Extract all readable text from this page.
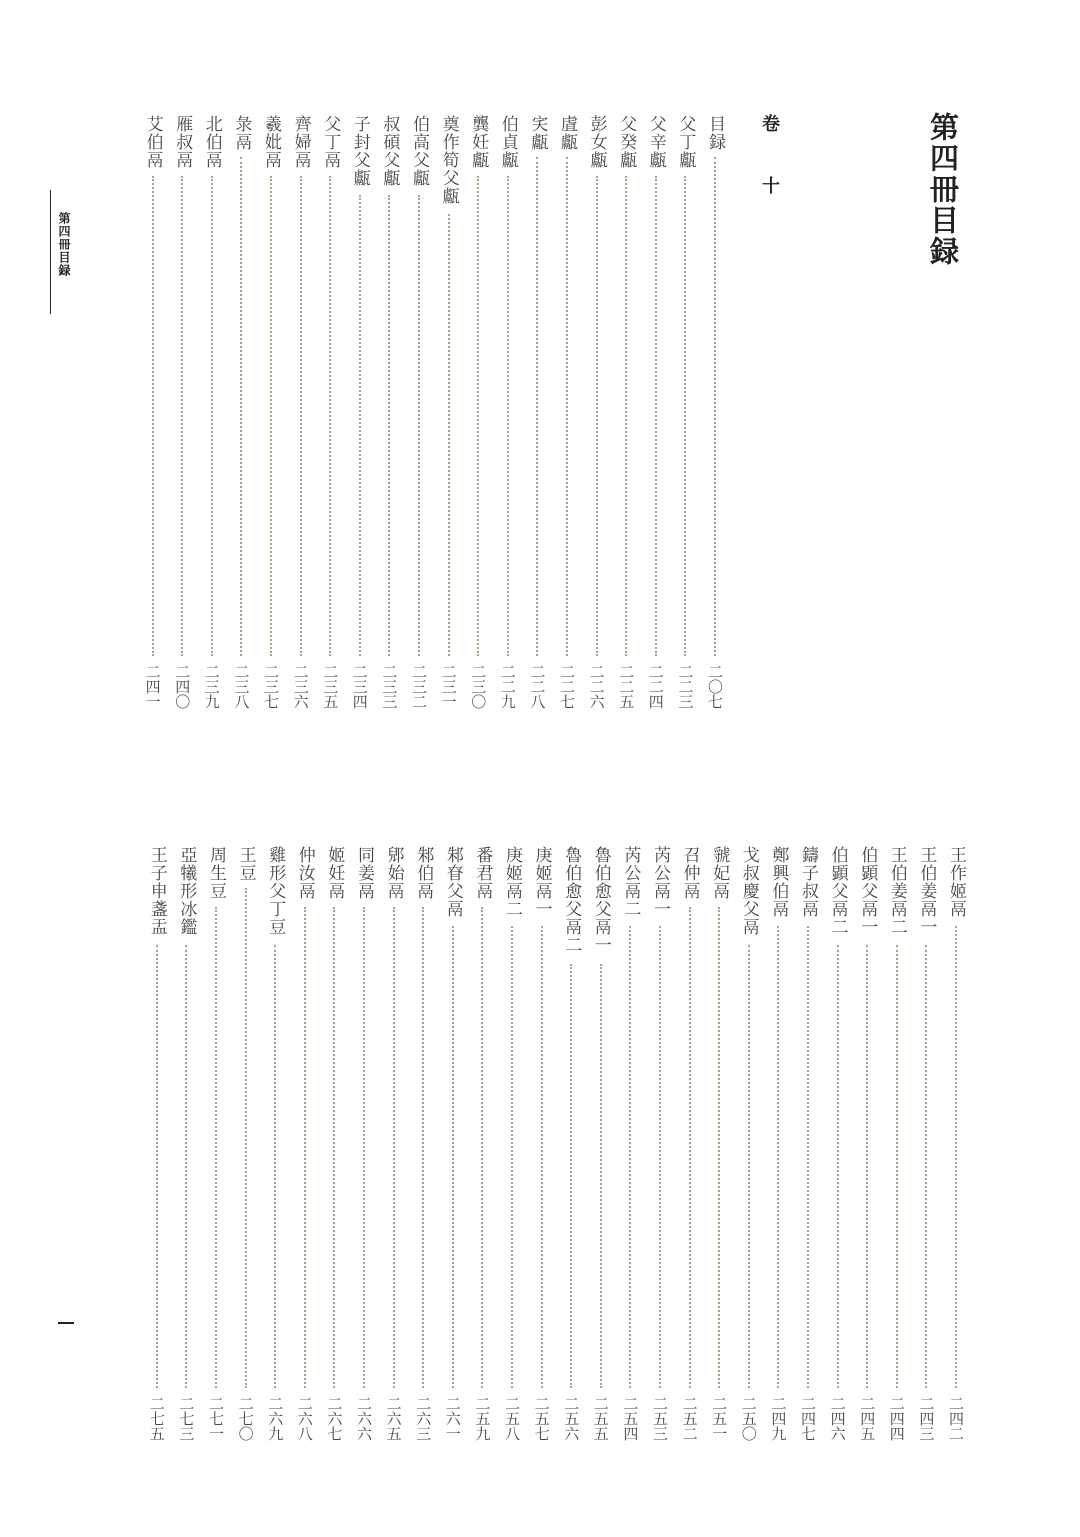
第四冊目録	第四冊目録
卷 十
目録
二〇七
父丁甗
二二三
父辛甗
二二四
父癸甗
二二五
彭女甗
二二六
虘甗
二二七
宎甗
二二八
伯貞甗
二二九
龔妊甗
二三〇
奠作筍父甗
二三一
伯高父甗
二三二
叔碩父甗
二三三
子封父甗
二三四
父丁鬲
二三五
齊婦鬲
二三六
羲妣鬲
二三七
彔鬲
二三八
北伯鬲
二三九
雁叔鬲
二四〇
艾伯鬲
二四一
王作姬鬲
二四二
王伯姜鬲一
二四三
王伯姜鬲二
二四四
伯顕父鬲一
二四五
伯顕父鬲二
二四六
鑄子叔鬲
二四七
鄭興伯鬲
二四九
戈叔慶父鬲
二五〇
虢妃鬲
二五一
召仲鬲
二五二
芮公鬲一
二五三
芮公鬲二
二五四
魯伯愈父鬲一
二五五
魯伯愈父鬲二
二五六
庚姬鬲一
二五七
庚姬鬲二
二五八
番君鬲
二五九
邾眘父鬲
二六一
邾伯鬲
二六三
郳始鬲
二六五
同姜鬲
二六六
姬妊鬲
二六七
仲汝鬲
二六八
雞形父丁豆
二六九
王豆
二七〇
周生豆
二七一
亞犧形冰鑑
二七三
王子申盞盂
二七五
